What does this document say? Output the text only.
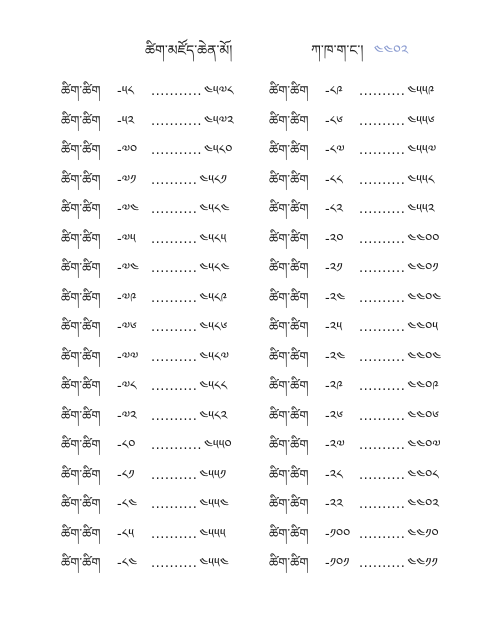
ཚིག་མཛོད་ཆེན་མོ།	ཀ་ཁ་ག་ང་། ༤༤༠༢
ཚིག་ཚིག	-༥༨	........... ༤༥༧༨
ཚིག་ཚིག	-༥༢	........... ༤༥༧༢
ཚིག་ཚིག	-༧༠	........... ༤༥༨༠
ཚིག་ཚིག	-༧༡	.......... ༤༥༨༡
ཚིག་ཚིག	-༧༤ .......... ༤༥༨༤
ཚིག་ཚིག	-༧༥	.......... ༤༥༨༥
ཚིག་ཚིག	-༧༤ .......... ༤༥༨༤
ཚིག་ཚིག	-༧༩	.......... ༤༥༨༩
ཚིག་ཚིག	-༧༦	.......... ༤༥༨༦
ཚིག་ཚིག	-༧༧ .......... ༤༥༨༧
ཚིག་ཚིག	-༧༨	.......... ༤༥༨༨
ཚིག་ཚིག	-༧༢	.......... ༤༥༨༢
ཚིག་ཚིག	-༨༠	........... ༤༥༥༠
ཚིག་ཚིག	-༨༡	.......... ༤༥༥༡
ཚིག་ཚིག	-༨༤	.......... ༤༥༥༤
ཚིག་ཚིག	-༨༥	.......... ༤༥༥༥
ཚིག་ཚིག	-༨༤	.......... ༤༥༥༤
ཚིག་ཚིག	-༨༩	.......... ༤༥༥༩
ཚིག་ཚིག	-༨༦	.......... ༤༥༥༦
ཚིག་ཚིག	-༨༧	.......... ༤༥༥༧
ཚིག་ཚིག	-༨༨	.......... ༤༥༥༨
ཚིག་ཚིག	-༨༢	.......... ༤༥༥༢
ཚིག་ཚིག	-༢༠	.......... ༤༤༠༠
ཚིག་ཚིག	-༢༡	.......... ༤༤༠༡
ཚིག་ཚིག	-༢༤	.......... ༤༤༠༤
ཚིག་ཚིག	-༢༥	.......... ༤༤༠༥
ཚིག་ཚིག	-༢༤	.......... ༤༤༠༤
ཚིག་ཚིག	-༢༩	.......... ༤༤༠༩
ཚིག་ཚིག	-༢༦	.......... ༤༤༠༦
ཚིག་ཚིག	-༢༧	.......... ༤༤༠༧
ཚིག་ཚིག	-༢༨	.......... ༤༤༠༨
ཚིག་ཚིག	-༢༢	.......... ༤༤༠༢
ཚིག་ཚིག	-༡༠༠ .......... ༤༤༡༠
ཚིག་ཚིག	-༡༠༡ .......... ༤༤༡༡
